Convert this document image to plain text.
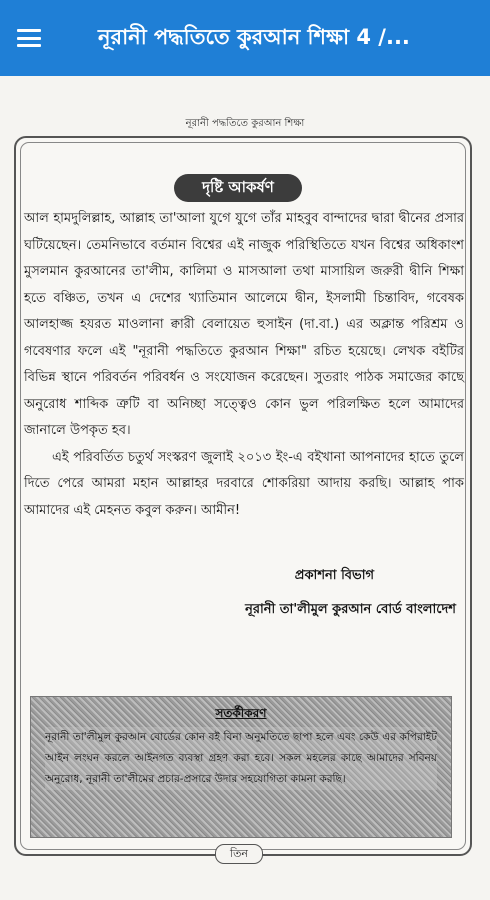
নূরানী পদ্ধতিতে কুরআন শিক্ষা 4 /...
নূরানী পদ্ধতিতে কুরআন শিক্ষা
দৃষ্টি আকর্ষণ

আল হামদুলিল্লাহ, আল্লাহ তা'আলা যুগে যুগে তাঁর মাহবুব বান্দাদের দ্বারা দ্বীনের প্রসার ঘটিয়েছেন। তেমনিভাবে বর্তমান বিশ্বের এই নাজুক পরিস্থিতিতে যখন বিশ্বের অধিকাংশ মুসলমান কুরআনের তা'লীম, কালিমা ও মাসআলা তথা মাসায়িল জরুরী দ্বীনি শিক্ষা হতে বঞ্চিত, তখন এ দেশের খ্যাতিমান আলেমে দ্বীন, ইসলামী চিন্তাবিদ, গবেষক আলহাজ্জ হযরত মাওলানা ক্বারী বেলায়েত হুসাইন (দা.বা.) এর অক্লান্ত পরিশ্রম ও গবেষণার ফলে এই "নূরানী পদ্ধতিতে কুরআন শিক্ষা" রচিত হয়েছে। লেখক বইটির বিভিন্ন স্থানে পরিবর্তন পরিবর্ধন ও সংযোজন করেছেন। সুতরাং পাঠক সমাজের কাছে অনুরোধ শাব্দিক ত্রুটি বা অনিচ্ছা সত্ত্বেও কোন ভুল পরিলক্ষিত হলে আমাদের জানালে উপকৃত হব।

এই পরিবর্তিত চতুর্থ সংস্করণ জুলাই ২০১৩ ইং-এ বইখানা আপনাদের হাতে তুলে দিতে পেরে আমরা মহান আল্লাহর দরবারে শোকরিয়া আদায় করছি। আল্লাহ পাক আমাদের এই মেহনত কবুল করুন। আমীন!

প্রকাশনা বিভাগ
নূরানী তা'লীমুল কুরআন বোর্ড বাংলাদেশ
সতর্কীকরণ
নূরানী তা'লীমুল কুরআন বোর্ডের কোন বই বিনা অনুমতিতে ছাপা হলে এবং কেউ এর কপিরাইট আইন লংঘন করলে আইনগত ব্যবস্থা গ্রহণ করা হবে। সকল মহলের কাছে আমাদের সবিনয় অনুরোধ, নূরানী তা'লীমের প্রচার-প্রসারে উদার সহযোগিতা কামনা করছি।
তিন
